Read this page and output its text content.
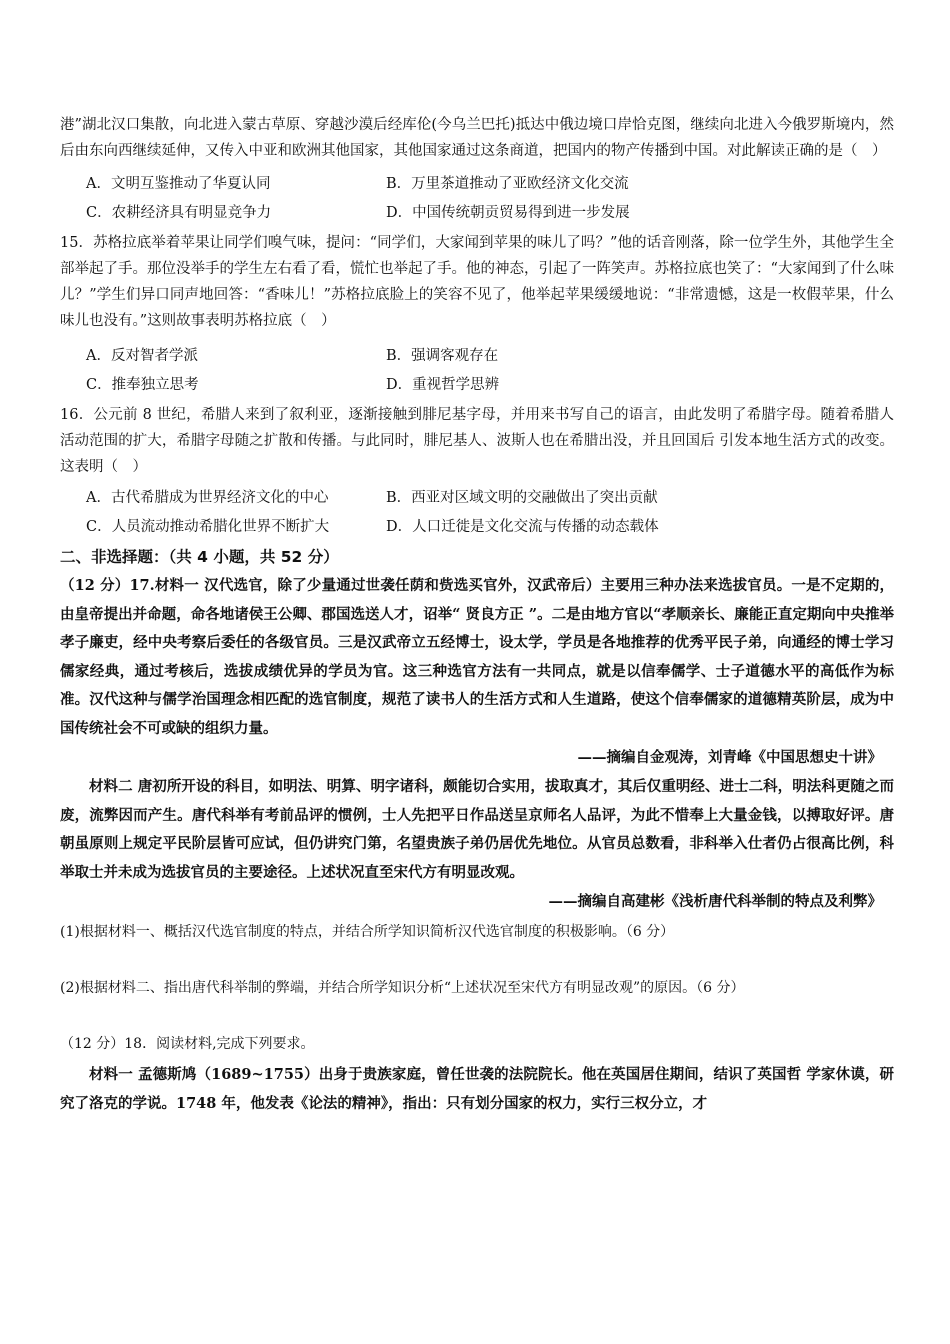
港”湖北汉口集散，向北进入蒙古草原、穿越沙漠后经库伦(今乌兰巴托)抵达中俄边境口岸恰克图，继续向北进入今俄罗斯境内，然后由东向西继续延伸，又传入中亚和欧洲其他国家，其他国家通过这条商道，把国内的物产传播到中国。对此解读正确的是（　）

A．文明互鉴推动了华夏认同	B．万里茶道推动了亚欧经济文化交流
C．农耕经济具有明显竞争力	D．中国传统朝贡贸易得到进一步发展

15．苏格拉底举着苹果让同学们嗅气味，提问：“同学们，大家闻到苹果的味儿了吗？”他的话音刚落，除一位学生外，其他学生全部举起了手。那位没举手的学生左右看了看，慌忙也举起了手。他的神态，引起了一阵笑声。苏格拉底也笑了：“大家闻到了什么味儿？”学生们异口同声地回答：“香味儿！”苏格拉底脸上的笑容不见了，他举起苹果缓缓地说：“非常遗憾，这是一枚假苹果，什么味儿也没有。”这则故事表明苏格拉底（　）

A．反对智者学派	B．强调客观存在
C．推奉独立思考	D．重视哲学思辨

16．公元前 8 世纪，希腊人来到了叙利亚，逐渐接触到腓尼基字母，并用来书写自己的语言，由此发明了希腊字母。随着希腊人活动范围的扩大，希腊字母随之扩散和传播。与此同时，腓尼基人、波斯人也在希腊出没，并且回国后 引发本地生活方式的改变。这表明（　）

A．古代希腊成为世界经济文化的中心	B．西亚对区域文明的交融做出了突出贡献
C．人员流动推动希腊化世界不断扩大	D．人口迁徙是文化交流与传播的动态载体

二、非选择题：（共 4 小题，共 52 分）

（12 分）17.材料一 汉代选官，除了少量通过世袭任荫和赀选买官外，汉武帝后）主要用三种办法来选拔官员。一是不定期的，由皇帝提出并命题，命各地诸侯王公卿、郡国选送人才，诏举“ 贤良方正 ”。二是由地方官以“孝顺亲长、廉能正直定期向中央推举孝子廉吏，经中央考察后委任的各级官员。三是汉武帝立五经博士，设太学，学员是各地推荐的优秀平民子弟，向通经的博士学习儒家经典，通过考核后，选拔成绩优异的学员为官。这三种选官方法有一共同点，就是以信奉儒学、士子道德水平的高低作为标准。汉代这种与儒学治国理念相匹配的选官制度，规范了读书人的生活方式和人生道路，使这个信奉儒家的道德精英阶层，成为中国传统社会不可或缺的组织力量。

——摘编自金观涛，刘青峰《中国思想史十讲》

材料二 唐初所开设的科目，如明法、明算、明字诸科，颇能切合实用，拔取真才，其后仅重明经、进士二科，明法科更随之而废，流弊因而产生。唐代科举有考前品评的惯例，士人先把平日作品送呈京师名人品评，为此不惜奉上大量金钱，以搏取好评。唐朝虽原则上规定平民阶层皆可应试，但仍讲究门第，名望贵族子弟仍居优先地位。从官员总数看，非科举入仕者仍占很高比例，科举取士并未成为选拔官员的主要途径。上述状况直至宋代方有明显改观。

——摘编自高建彬《浅析唐代科举制的特点及利弊》

(1)根据材料一、概括汉代选官制度的特点，并结合所学知识简析汉代选官制度的积极影响。（6 分）

(2)根据材料二、指出唐代科举制的弊端，并结合所学知识分析“上述状况至宋代方有明显改观”的原因。（6 分）

（12 分）18．阅读材料,完成下列要求。

材料一 孟德斯鸠（1689~1755）出身于贵族家庭，曾任世袭的法院院长。他在英国居住期间，结识了英国哲 学家休谟，研究了洛克的学说。1748 年，他发表《论法的精神》，指出：只有划分国家的权力，实行三权分立，才
